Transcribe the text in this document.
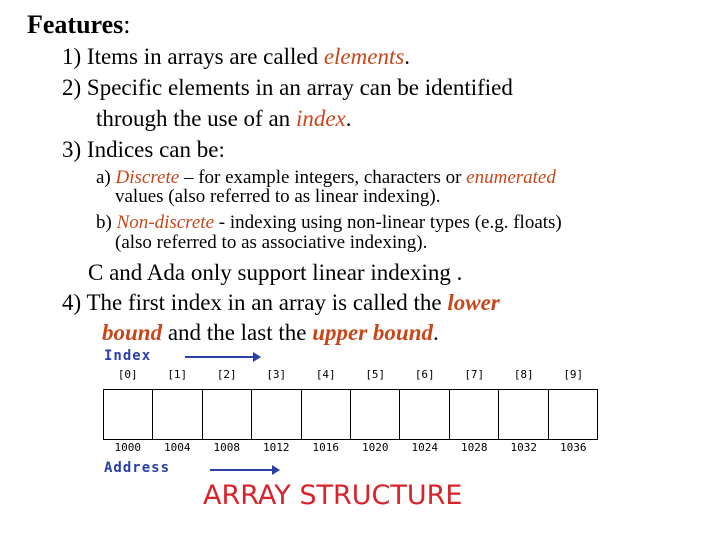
Features:
1) Items in arrays are called elements.
2) Specific elements in an array can be identified
through the use of an index.
3) Indices can be:
a) Discrete – for example integers, characters or enumerated
values (also referred to as linear indexing).
b) Non-discrete - indexing using non-linear types (e.g. floats)
(also referred to as associative indexing).
C and Ada only support linear indexing .
4) The first index in an array is called the lower
bound and the last the upper bound.
Index
[0]	[1]	[2]	[3]	[4]	[5]	[6]	[7]	[8]	[9]
1000	1004	1008	1012	1016	1020	1024	1028	1032	1036
Address
ARRAY STRUCTURE
